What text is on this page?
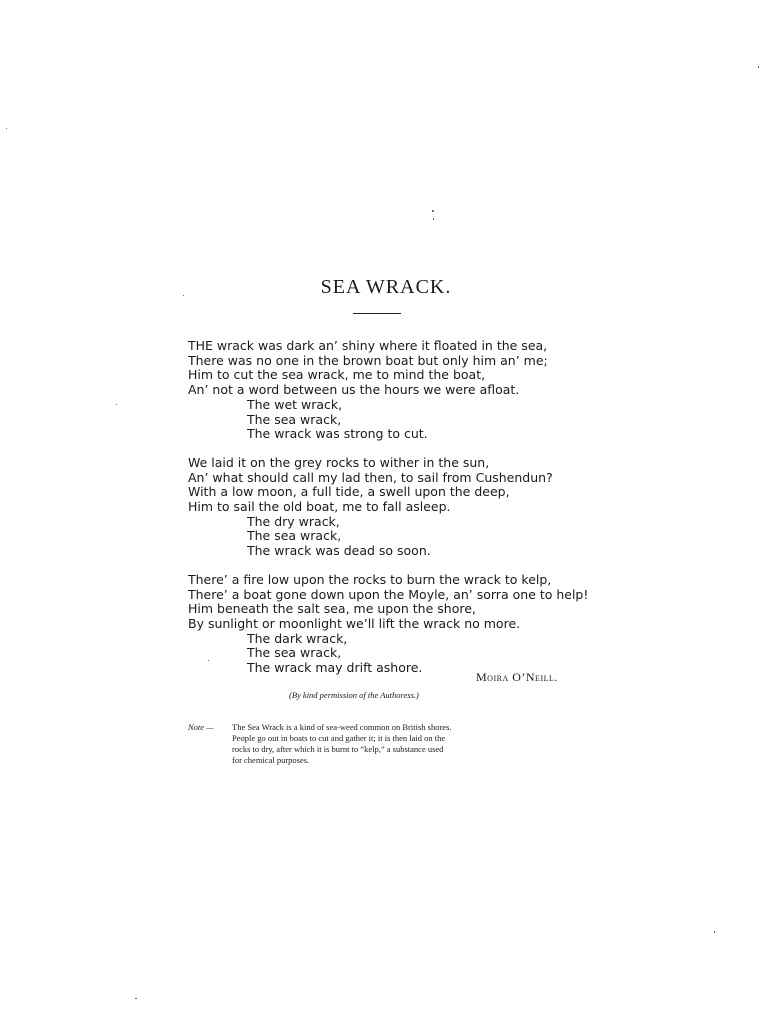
SEA WRACK.
THE wrack was dark an’ shiny where it floated in the sea,
There was no one in the brown boat but only him an’ me;
Him to cut the sea wrack, me to mind the boat,
An’ not a word between us the hours we were afloat.
The wet wrack,
The sea wrack,
The wrack was strong to cut.
We laid it on the grey rocks to wither in the sun,
An’ what should call my lad then, to sail from Cushendun?
With a low moon, a full tide, a swell upon the deep,
Him to sail the old boat, me to fall asleep.
The dry wrack,
The sea wrack,
The wrack was dead so soon.
There’ a fire low upon the rocks to burn the wrack to kelp,
There’ a boat gone down upon the Moyle, an’ sorra one to help!
Him beneath the salt sea, me upon the shore,
By sunlight or moonlight we’ll lift the wrack no more.
The dark wrack,
The sea wrack,
The wrack may drift ashore.
Moira O’Neill.
(By kind permission of the Authoress.)
Note — The Sea Wrack is a kind of sea-weed common on British shores.
People go out in boats to cut and gather it; it is then laid on the
rocks to dry, after which it is burnt to “kelp,” a substance used
for chemical purposes.
